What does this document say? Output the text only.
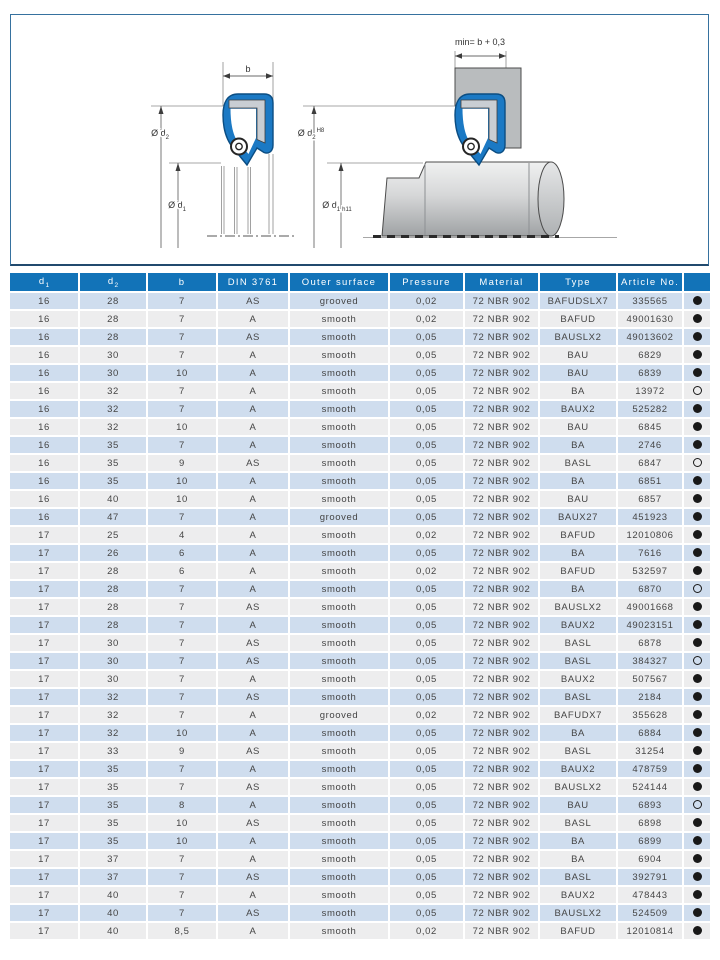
b
Ø $d_2$
Ø $d_1$
min= b + 0,3
Ø $d_2^{H8}$
Ø $d_1$ h11
$d_1$	$d_2$	b	DIN 3761	Outer surface	Pressure	Material	Type	Article No.	
16	28	7	AS	grooved	0,02	72 NBR 902	BAFUDSLX7	335565	
16	28	7	A	smooth	0,02	72 NBR 902	BAFUD	49001630	
16	28	7	AS	smooth	0,05	72 NBR 902	BAUSLX2	49013602	
16	30	7	A	smooth	0,05	72 NBR 902	BAU	6829	
16	30	10	A	smooth	0,05	72 NBR 902	BAU	6839	
16	32	7	A	smooth	0,05	72 NBR 902	BA	13972	
16	32	7	A	smooth	0,05	72 NBR 902	BAUX2	525282	
16	32	10	A	smooth	0,05	72 NBR 902	BAU	6845	
16	35	7	A	smooth	0,05	72 NBR 902	BA	2746	
16	35	9	AS	smooth	0,05	72 NBR 902	BASL	6847	
16	35	10	A	smooth	0,05	72 NBR 902	BA	6851	
16	40	10	A	smooth	0,05	72 NBR 902	BAU	6857	
16	47	7	A	grooved	0,05	72 NBR 902	BAUX27	451923	
17	25	4	A	smooth	0,02	72 NBR 902	BAFUD	12010806	
17	26	6	A	smooth	0,05	72 NBR 902	BA	7616	
17	28	6	A	smooth	0,02	72 NBR 902	BAFUD	532597	
17	28	7	A	smooth	0,05	72 NBR 902	BA	6870	
17	28	7	AS	smooth	0,05	72 NBR 902	BAUSLX2	49001668	
17	28	7	A	smooth	0,05	72 NBR 902	BAUX2	49023151	
17	30	7	AS	smooth	0,05	72 NBR 902	BASL	6878	
17	30	7	AS	smooth	0,05	72 NBR 902	BASL	384327	
17	30	7	A	smooth	0,05	72 NBR 902	BAUX2	507567	
17	32	7	AS	smooth	0,05	72 NBR 902	BASL	2184	
17	32	7	A	grooved	0,02	72 NBR 902	BAFUDX7	355628	
17	32	10	A	smooth	0,05	72 NBR 902	BA	6884	
17	33	9	AS	smooth	0,05	72 NBR 902	BASL	31254	
17	35	7	A	smooth	0,05	72 NBR 902	BAUX2	478759	
17	35	7	AS	smooth	0,05	72 NBR 902	BAUSLX2	524144	
17	35	8	A	smooth	0,05	72 NBR 902	BAU	6893	
17	35	10	AS	smooth	0,05	72 NBR 902	BASL	6898	
17	35	10	A	smooth	0,05	72 NBR 902	BA	6899	
17	37	7	A	smooth	0,05	72 NBR 902	BA	6904	
17	37	7	AS	smooth	0,05	72 NBR 902	BASL	392791	
17	40	7	A	smooth	0,05	72 NBR 902	BAUX2	478443	
17	40	7	AS	smooth	0,05	72 NBR 902	BAUSLX2	524509	
17	40	8,5	A	smooth	0,02	72 NBR 902	BAFUD	12010814	
